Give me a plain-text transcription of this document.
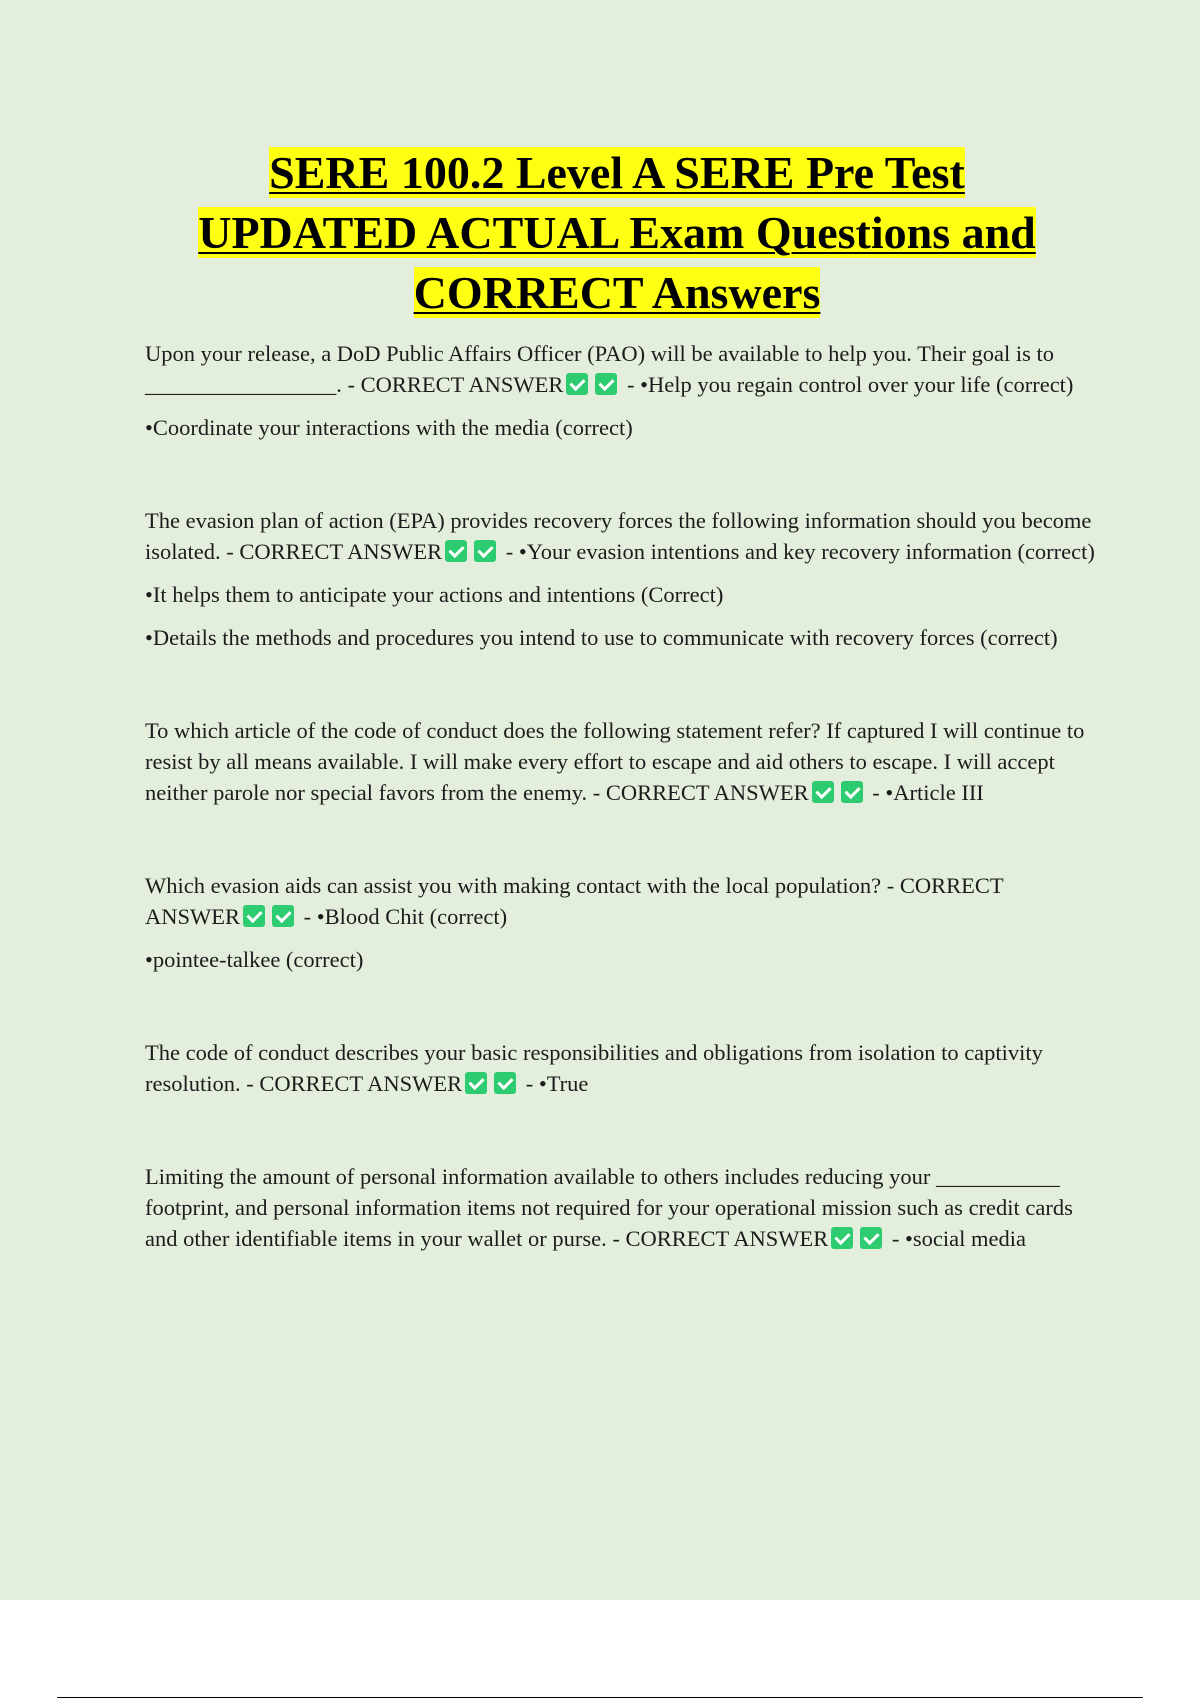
SERE 100.2 Level A SERE Pre Test
UPDATED ACTUAL Exam Questions and
CORRECT Answers

Upon your release, a DoD Public Affairs Officer (PAO) will be available to help you. Their goal is to _________________. - CORRECT ANSWER	- •Help you regain control over your life (correct)

•Coordinate your interactions with the media (correct)

The evasion plan of action (EPA) provides recovery forces the following information should you become isolated. - CORRECT ANSWER	- •Your evasion intentions and key recovery information (correct)

•It helps them to anticipate your actions and intentions (Correct)

•Details the methods and procedures you intend to use to communicate with recovery forces (correct)

To which article of the code of conduct does the following statement refer? If captured I will continue to resist by all means available. I will make every effort to escape and aid others to escape. I will accept neither parole nor special favors from the enemy. - CORRECT ANSWER	- •Article III

Which evasion aids can assist you with making contact with the local population? - CORRECT ANSWER	- •Blood Chit (correct)

•pointee-talkee (correct)

The code of conduct describes your basic responsibilities and obligations from isolation to captivity resolution. - CORRECT ANSWER	- •True

Limiting the amount of personal information available to others includes reducing your ___________ footprint, and personal information items not required for your operational mission such as credit cards and other identifiable items in your wallet or purse. - CORRECT ANSWER	- •social media
